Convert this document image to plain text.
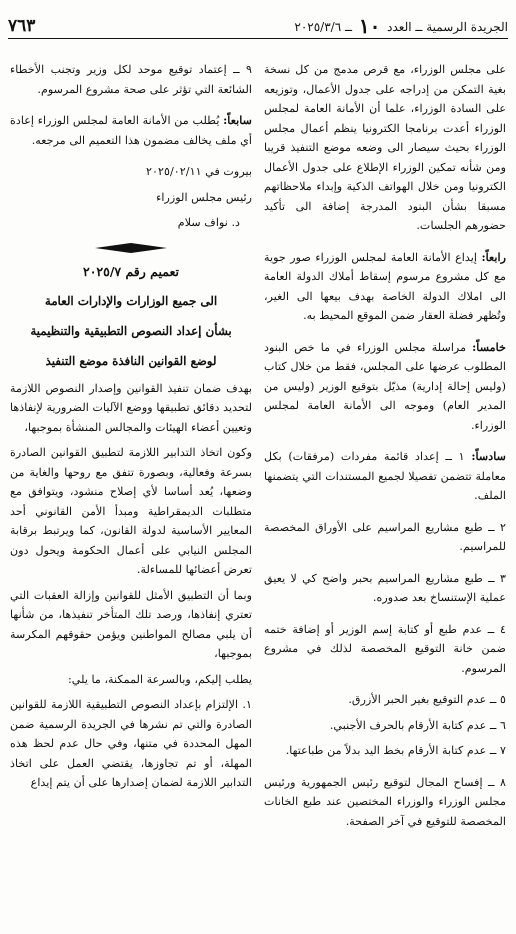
الجريدة الرسمية ــ العدد ١٠ ــ ٢٠٢٥/٣/٦
٧٦٣

على مجلس الوزراء، مع قرص مدمج من كل نسخة بغية التمكن من إدراجه على جدول الأعمال، وتوزيعه على السادة الوزراء، علما أن الأمانة العامة لمجلس الوزراء أعدت برنامجا الكترونيا ينظم أعمال مجلس الوزراء بحيث سيصار الى وضعه موضع التنفيذ قريبا ومن شأنه تمكين الوزراء الإطلاع على جدول الأعمال الكترونيا ومن خلال الهواتف الذكية وإبداء ملاحظاتهم مسبقا بشأن البنود المدرجة إضافة الى تأكيد حضورهم الجلسات.

رابعاً: إيداع الأمانة العامة لمجلس الوزراء صور جوية مع كل مشروع مرسوم إسقاط أملاك الدولة العامة الى املاك الدولة الخاصة بهدف بيعها الى الغير، وتُظهر فضلة العقار ضمن الموقع المحيط به.

خامساً: مراسلة مجلس الوزراء في ما خص البنود المطلوب عرضها على المجلس، فقط من خلال كتاب (وليس إحالة إدارية) مذيّل بتوقيع الوزير (وليس من المدير العام) وموجه الى الأمانة العامة لمجلس الوزراء.

سادساً: ١ ــ إعداد قائمة مفردات (مرفقات) بكل معاملة تتضمن تفصيلا لجميع المستندات التي يتضمنها الملف.

٢ ــ طبع مشاريع المراسيم على الأوراق المخصصة للمراسيم.

٣ ــ طبع مشاريع المراسيم بحبر واضح كي لا يعيق عملية الإستنساخ بعد صدوره.

٤ ــ عدم طبع أو كتابة إسم الوزير أو إضافة ختمه ضمن خانة التوقيع المخصصة لذلك في مشروع المرسوم.

٥ ــ عدم التوقيع بغير الحبر الأزرق.

٦ ــ عدم كتابة الأرقام بالحرف الأجنبي.

٧ ــ عدم كتابة الأرقام بخط اليد بدلاً من طباعتها.

٨ ــ إفساح المجال لتوقيع رئيس الجمهورية ورئيس مجلس الوزراء والوزراء المختصين عند طبع الخانات المخصصة للتوقيع في آخر الصفحة.

٩ ــ إعتماد توقيع موحد لكل وزير وتجنب الأخطاء الشائعة التي تؤثر على صحة مشروع المرسوم.

سابعاً: يُطلب من الأمانة العامة لمجلس الوزراء إعادة أي ملف يخالف مضمون هذا التعميم الى مرجعه.

بيروت في ٢٠٢٥/٠٢/١١

رئيس مجلس الوزراء

د. نواف سلام

تعميم رقم ٢٠٢٥/٧

الى جميع الوزارات والإدارات العامة

بشأن إعداد النصوص التطبيقية والتنظيمية

لوضع القوانين النافذة موضع التنفيذ

بهدف ضمان تنفيذ القوانين وإصدار النصوص اللازمة لتحديد دقائق تطبيقها ووضع الآليات الضرورية لإنفاذها وتعيين أعضاء الهيئات والمجالس المنشأة بموجبها،

وكون اتخاذ التدابير اللازمة لتطبيق القوانين الصادرة بسرعة وفعالية، وبصورة تتفق مع روحها والغاية من وضعها، يُعد أساسا لأي إصلاح منشود، ويتوافق مع متطلبات الديمقراطية ومبدأ الأمن القانوني أحد المعايير الأساسية لدولة القانون، كما ويرتبط برقابة المجلس النيابي على أعمال الحكومة ويحول دون تعرض أعضائها للمساءلة.

وبما أن التطبيق الأمثل للقوانين وإزالة العقبات التي تعتري إنفاذها، ورصد تلك المتأخر تنفيذها، من شأنها أن يلبي مصالح المواطنين ويؤمن حقوقهم المكرسة بموجبها،

يطلب إليكم، وبالسرعة الممكنة، ما يلي:

١. الإلتزام بإعداد النصوص التطبيقية اللازمة للقوانين الصادرة والتي تم نشرها في الجريدة الرسمية ضمن المهل المحددة في متنها، وفي حال عدم لحظ هذه المهلة، أو تم تجاوزها، يقتضي العمل على اتخاذ التدابير اللازمة لضمان إصدارها على أن يتم إيداع
